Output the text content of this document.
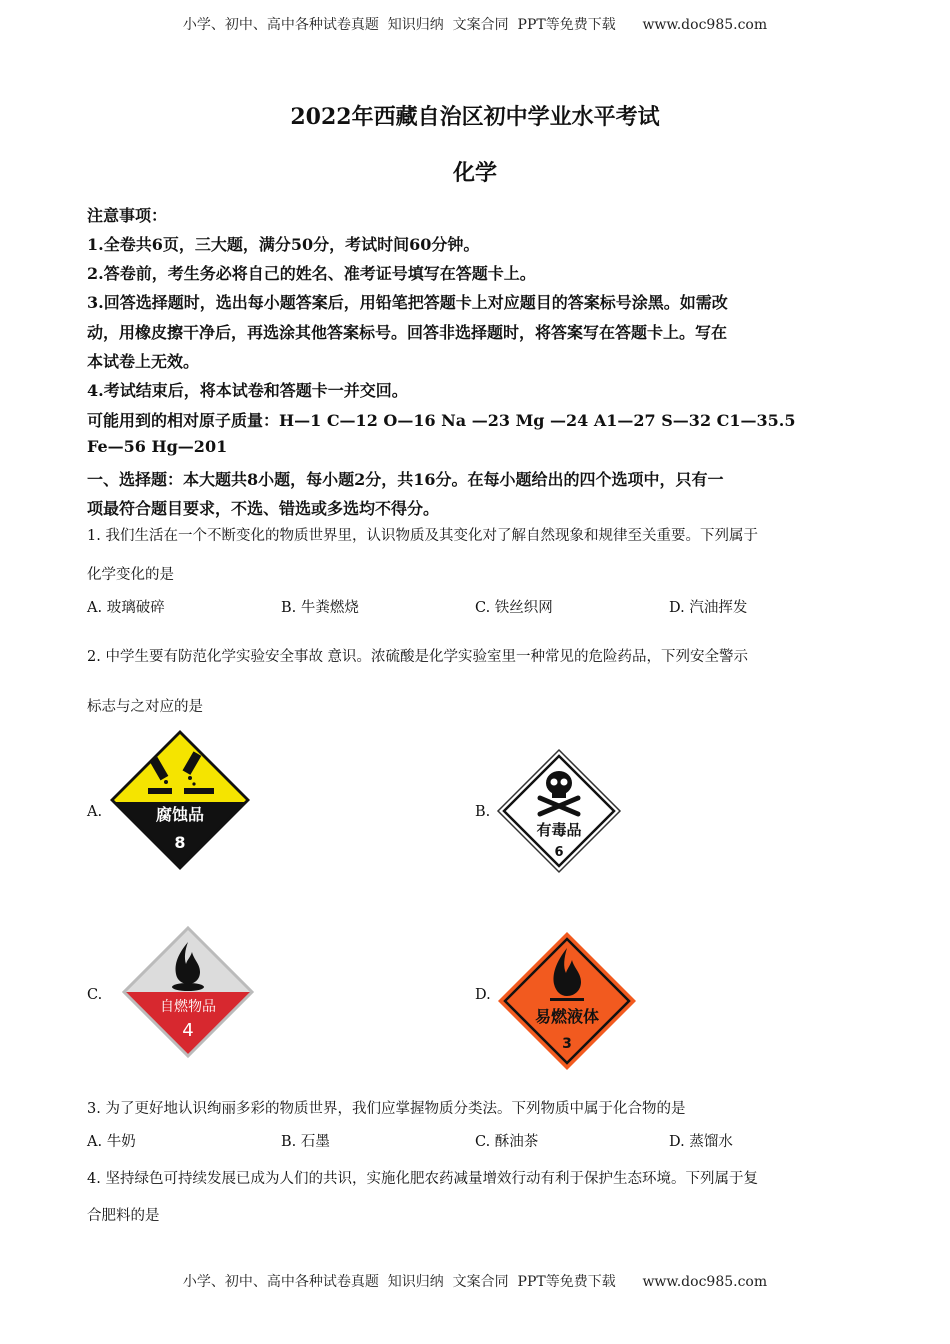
小学、初中、高中各种试卷真题  知识归纳  文案合同  PPT等免费下载      www.doc985.com
2022年西藏自治区初中学业水平考试
化学
注意事项：
1.全卷共6页，三大题，满分50分，考试时间60分钟。
2.答卷前，考生务必将自己的姓名、准考证号填写在答题卡上。
3.回答选择题时，选出每小题答案后，用铅笔把答题卡上对应题目的答案标号涂黑。如需改
动，用橡皮擦干净后，再选涂其他答案标号。回答非选择题时，将答案写在答题卡上。写在
本试卷上无效。
4.考试结束后，将本试卷和答题卡一并交回。
可能用到的相对原子质量：H—1 C—12 O—16 Na —23 Mg —24 A1—27 S—32 C1—35.5
Fe—56 Hg—201
一、选择题：本大题共8小题，每小题2分，共16分。在每小题给出的四个选项中，只有一
项最符合题目要求，不选、错选或多选均不得分。
1. 我们生活在一个不断变化的物质世界里，认识物质及其变化对了解自然现象和规律至关重要。下列属于
化学变化的是
A. 玻璃破碎	B. 牛粪燃烧	C. 铁丝织网	D. 汽油挥发
2. 中学生要有防范化学实验安全事故 意识。浓硫酸是化学实验室里一种常见的危险药品，下列安全警示
标志与之对应的是
A.	B.
C.	D.
腐蚀品
8
有毒品
6
自燃物品
4
易燃液体
3
3. 为了更好地认识绚丽多彩的物质世界，我们应掌握物质分类法。下列物质中属于化合物的是
A. 牛奶	B. 石墨	C. 酥油茶	D. 蒸馏水
4. 坚持绿色可持续发展已成为人们的共识，实施化肥农药减量增效行动有利于保护生态环境。下列属于复
合肥料的是
小学、初中、高中各种试卷真题  知识归纳  文案合同  PPT等免费下载      www.doc985.com
